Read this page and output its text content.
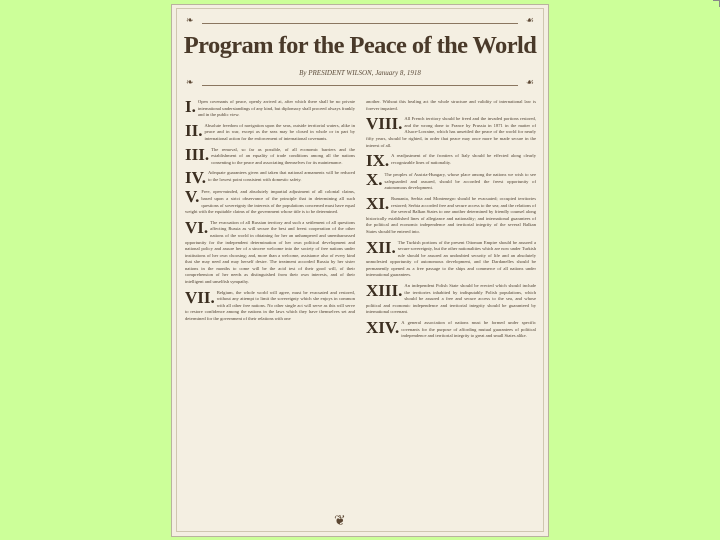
❧	☙
Program for the Peace of the World
By PRESIDENT WILSON, January 8, 1918
❧	☙
I. Open covenants of peace, openly arrived at, after which there shall be no private international understandings of any kind, but diplomacy shall proceed always frankly and in the public view.

II. Absolute freedom of navigation upon the seas, outside territorial waters, alike in peace and in war, except as the seas may be closed in whole or in part by international action for the enforcement of international covenants.

III. The removal, so far as possible, of all economic barriers and the establishment of an equality of trade conditions among all the nations consenting to the peace and associating themselves for its maintenance.

IV. Adequate guarantees given and taken that national armaments will be reduced to the lowest point consistent with domestic safety.

V. Free, open-minded, and absolutely impartial adjustment of all colonial claims, based upon a strict observance of the principle that in determining all such questions of sovereignty the interests of the populations concerned must have equal weight with the equitable claims of the government whose title is to be determined.

VI. The evacuation of all Russian territory and such a settlement of all questions affecting Russia as will secure the best and freest cooperation of the other nations of the world in obtaining for her an unhampered and unembarrassed opportunity for the independent determination of her own political development and national policy and assure her of a sincere welcome into the society of free nations under institutions of her own choosing; and, more than a welcome, assistance also of every kind that she may need and may herself desire. The treatment accorded Russia by her sister nations in the months to come will be the acid test of their good will, of their comprehension of her needs as distinguished from their own interests, and of their intelligent and unselfish sympathy.

VII. Belgium, the whole world will agree, must be evacuated and restored, without any attempt to limit the sovereignty which she enjoys in common with all other free nations. No other single act will serve as this will serve to restore confidence among the nations in the laws which they have themselves set and determined for the government of their relations with one

another. Without this healing act the whole structure and validity of international law is forever impaired.

VIII. All French territory should be freed and the invaded portions restored, and the wrong done to France by Prussia in 1871 in the matter of Alsace-Lorraine, which has unsettled the peace of the world for nearly fifty years, should be righted, in order that peace may once more be made secure in the interest of all.

IX. A readjustment of the frontiers of Italy should be effected along clearly recognizable lines of nationality.

X. The peoples of Austria-Hungary, whose place among the nations we wish to see safeguarded and assured, should be accorded the freest opportunity of autonomous development.

XI. Rumania, Serbia and Montenegro should be evacuated; occupied territories restored; Serbia accorded free and secure access to the sea; and the relations of the several Balkan States to one another determined by friendly counsel along historically established lines of allegiance and nationality; and international guarantees of the political and economic independence and territorial integrity of the several Balkan States should be entered into.

XII. The Turkish portions of the present Ottoman Empire should be assured a secure sovereignty, but the other nationalities which are now under Turkish rule should be assured an undoubted security of life and an absolutely unmolested opportunity of autonomous development, and the Dardanelles should be permanently opened as a free passage to the ships and commerce of all nations under international guarantees.

XIII. An independent Polish State should be erected which should include the territories inhabited by indisputably Polish populations, which should be assured a free and secure access to the sea, and whose political and economic independence and territorial integrity should be guaranteed by international covenant.

XIV. A general association of nations must be formed under specific covenants for the purpose of affording mutual guarantees of political independence and territorial integrity to great and small States alike.

❦
